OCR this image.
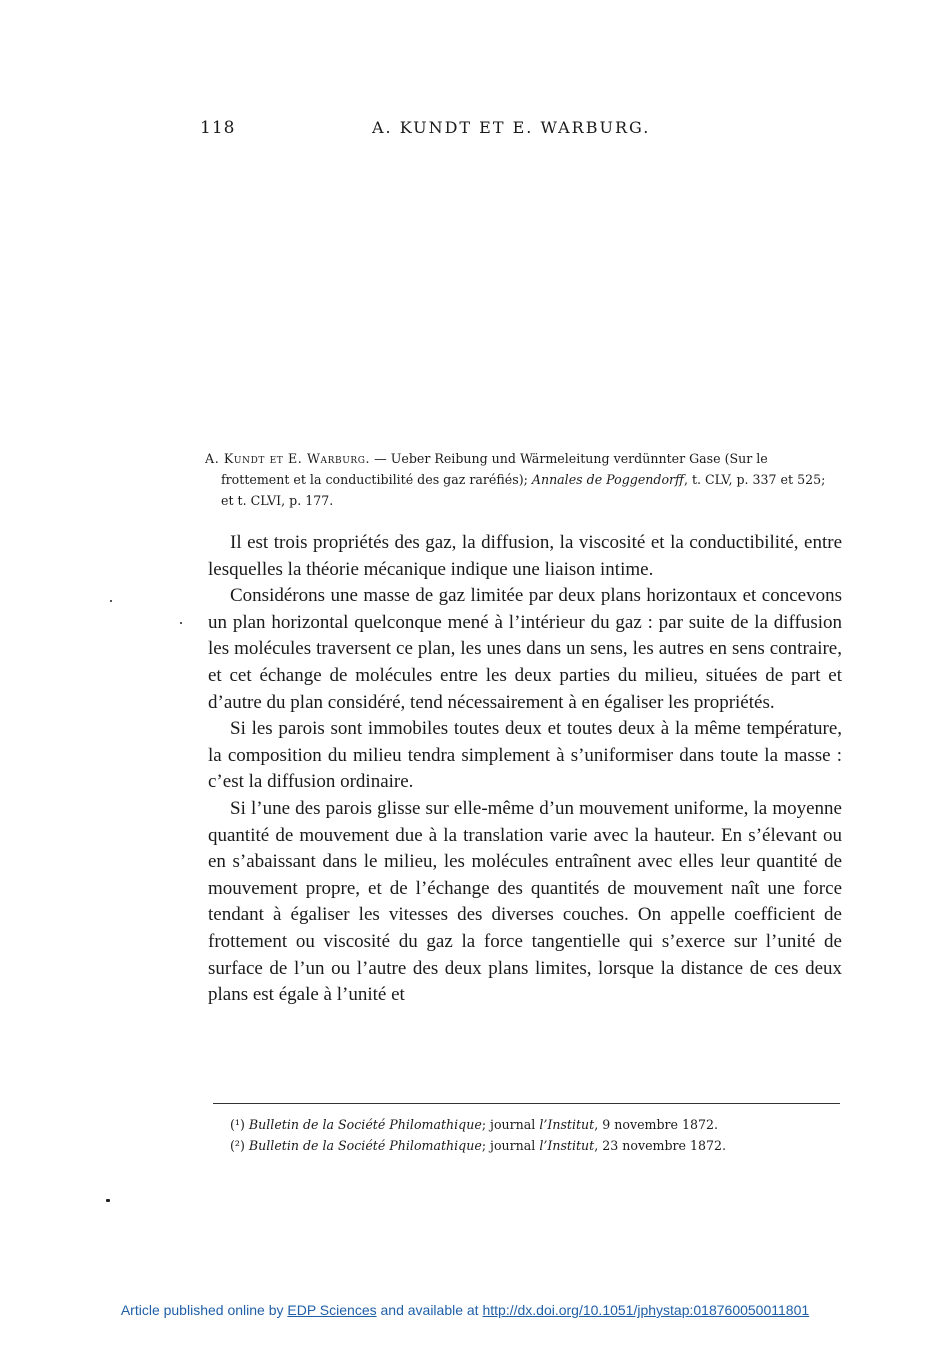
118	A. KUNDT ET E. WARBURG.
A. Kundt et E. Warburg. — Ueber Reibung und Wärmeleitung verdünnter Gase (Sur le frottement et la conductibilité des gaz raréfiés); Annales de Poggendorff, t. CLV, p. 337 et 525; et t. CLVI, p. 177.

Il est trois propriétés des gaz, la diffusion, la viscosité et la conductibilité, entre lesquelles la théorie mécanique indique une liaison intime.

Considérons une masse de gaz limitée par deux plans horizontaux et concevons un plan horizontal quelconque mené à l’intérieur du gaz : par suite de la diffusion les molécules traversent ce plan, les unes dans un sens, les autres en sens contraire, et cet échange de molécules entre les deux parties du milieu, situées de part et d’autre du plan considéré, tend nécessairement à en égaliser les propriétés.

Si les parois sont immobiles toutes deux et toutes deux à la même température, la composition du milieu tendra simplement à s’uniformiser dans toute la masse : c’est la diffusion ordinaire.

Si l’une des parois glisse sur elle-même d’un mouvement uniforme, la moyenne quantité de mouvement due à la translation varie avec la hauteur. En s’élevant ou en s’abaissant dans le milieu, les molécules entraînent avec elles leur quantité de mouvement propre, et de l’échange des quantités de mouvement naît une force tendant à égaliser les vitesses des diverses couches. On appelle coefficient de frottement ou viscosité du gaz la force tangentielle qui s’exerce sur l’unité de surface de l’un ou l’autre des deux plans limites, lorsque la distance de ces deux plans est égale à l’unité et

(¹) Bulletin de la Société Philomathique; journal l’Institut, 9 novembre 1872.
(²) Bulletin de la Société Philomathique; journal l’Institut, 23 novembre 1872.
Article published online by EDP Sciences and available at http://dx.doi.org/10.1051/jphystap:018760050011801
